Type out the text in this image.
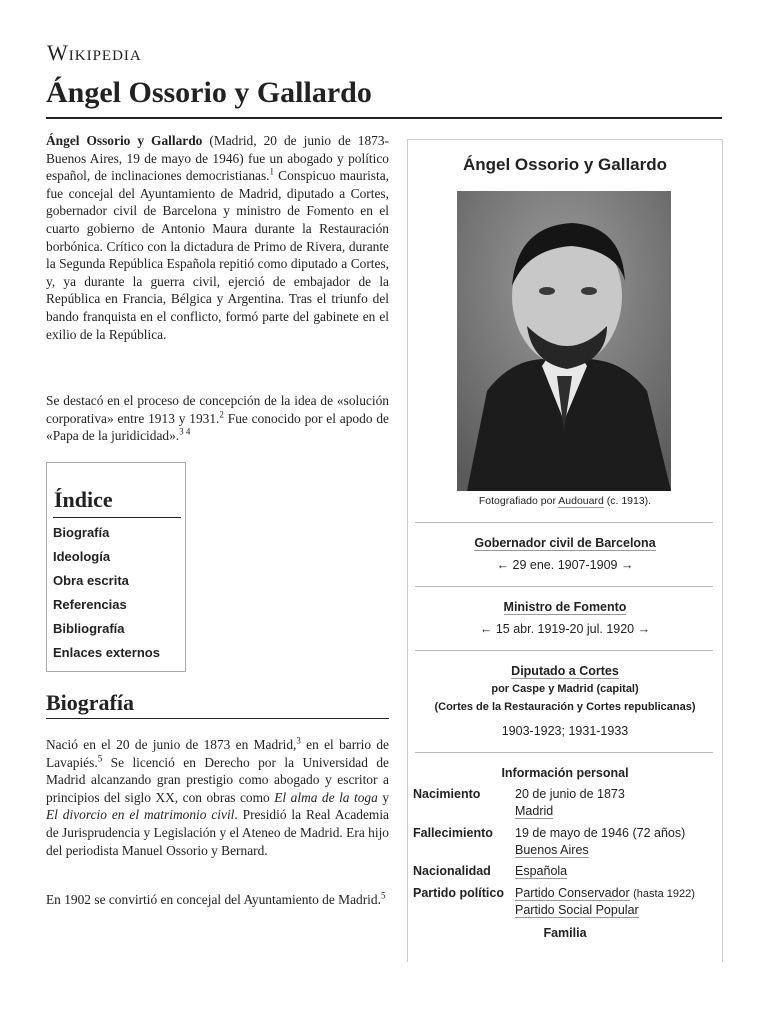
Wikipedia
Ángel Ossorio y Gallardo

Ángel Ossorio y Gallardo (Madrid, 20 de junio de 1873-Buenos Aires, 19 de mayo de 1946) fue un abogado y político español, de inclinaciones democristianas.$^1$ Conspicuo maurista, fue concejal del Ayuntamiento de Madrid, diputado a Cortes, gobernador civil de Barcelona y ministro de Fomento en el cuarto gobierno de Antonio Maura durante la Restauración borbónica. Crítico con la dictadura de Primo de Rivera, durante la Segunda República Española repitió como diputado a Cortes, y, ya durante la guerra civil, ejerció de embajador de la República en Francia, Bélgica y Argentina. Tras el triunfo del bando franquista en el conflicto, formó parte del gabinete en el exilio de la República.

Se destacó en el proceso de concepción de la idea de «solución corporativa» entre 1913 y 1931.$^2$ Fue conocido por el apodo de «Papa de la juridicidad».$^{3 4}$

Índice
Biografía
Ideología
Obra escrita
Referencias
Bibliografía
Enlaces externos
Biografía

Nació en el 20 de junio de 1873 en Madrid,$^3$ en el barrio de Lavapiés.$^5$ Se licenció en Derecho por la Universidad de Madrid alcanzando gran prestigio como abogado y escritor a principios del siglo XX, con obras como El alma de la toga y El divorcio en el matrimonio civil. Presidió la Real Academia de Jurisprudencia y Legislación y el Ateneo de Madrid. Era hijo del periodista Manuel Ossorio y Bernard.

En 1902 se convirtió en concejal del Ayuntamiento de Madrid.$^5$

Ángel Ossorio y Gallardo
Fotografiado por Audouard (c. 1913).
Gobernador civil de Barcelona
← 29 ene. 1907-1909 →
Ministro de Fomento
← 15 abr. 1919-20 jul. 1920 →
Diputado a Cortes
por Caspe y Madrid (capital)
(Cortes de la Restauración y Cortes republicanas)
1903-1923; 1931-1933
Información personal
Nacimiento	20 de junio de 1873
Madrid
Fallecimiento 19 de mayo de 1946 (72 años)
Buenos Aires
Nacionalidad Española
Partido político Partido Conservador (hasta 1922)
Partido Social Popular
Familia
